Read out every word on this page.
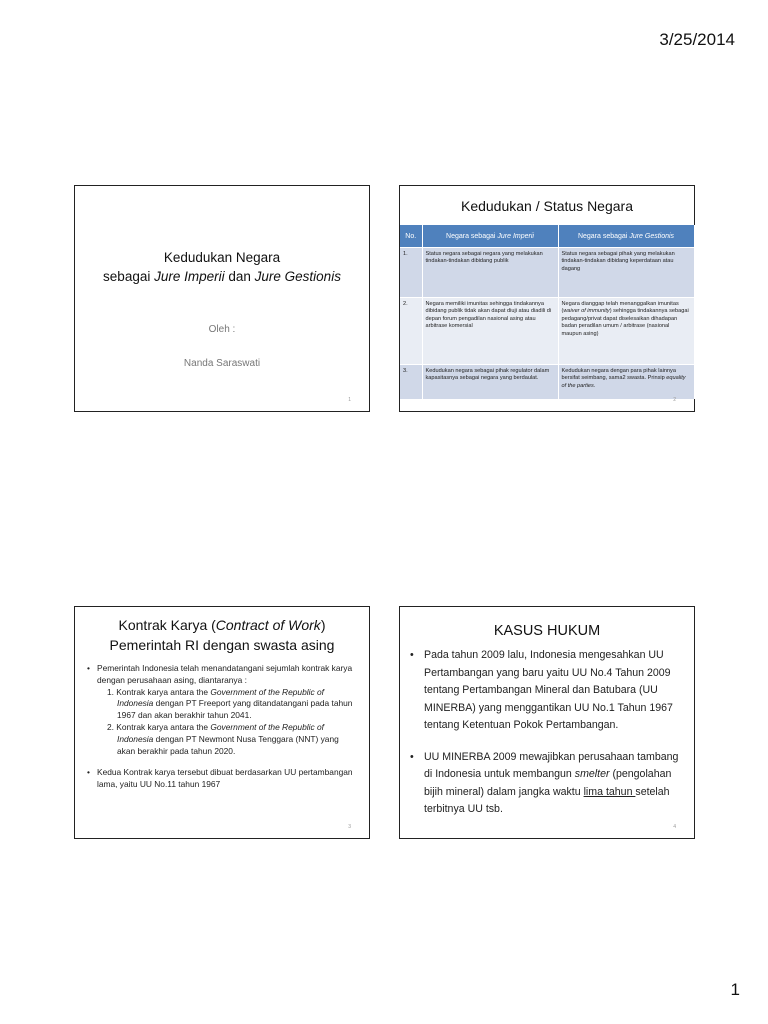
3/25/2014
Kedudukan Negara
sebagai Jure Imperii dan Jure Gestionis
Oleh :
Nanda Saraswati
1
Kedudukan / Status Negara
No.	Negara sebagai Jure Imperii	Negara sebagai Jure Gestionis
1.	Status negara sebagai negara yang melakukan tindakan-tindakan dibidang publik	Status negara sebagai pihak yang melakukan tindakan-tindakan dibidang keperdataan atau dagang
2.	Negara memiliki imunitas sehingga tindakannya dibidang publik tidak akan dapat diuji atau diadili di depan forum pengadilan nasional asing atau arbitrase komersial	Negara dianggap telah menanggalkan imunitas (waiver of immunity) sehingga tindakannya sebagai pedagang/privat dapat diselesaikan dihadapan badan peradilan umum / arbitrase (nasional maupun asing)
3.	Kedudukan negara sebagai pihak regulator dalam kapasitasnya sebagai negara yang berdaulat.	Kedudukan negara dengan para pihak lainnya bersifat seimbang, sama2 swasta. Prinsip equality of the parties.
2
Kontrak Karya (Contract of Work)
Pemerintah RI dengan swasta asing
• Pemerintah Indonesia telah menandatangani sejumlah kontrak karya dengan perusahaan asing, diantaranya :
1. Kontrak karya antara the Government of the Republic of Indonesia dengan PT Freeport yang ditandatangani pada tahun 1967 dan akan berakhir tahun 2041.
2. Kontrak karya antara the Government of the Republic of Indonesia dengan PT Newmont Nusa Tenggara (NNT) yang akan berakhir pada tahun 2020.
• Kedua Kontrak karya tersebut dibuat berdasarkan UU pertambangan lama, yaitu UU No.11 tahun 1967
3
KASUS HUKUM
• Pada tahun 2009 lalu, Indonesia mengesahkan UU Pertambangan yang baru yaitu UU No.4 Tahun 2009 tentang Pertambangan Mineral dan Batubara (UU MINERBA) yang menggantikan UU No.1 Tahun 1967 tentang Ketentuan Pokok Pertambangan.
• UU MINERBA 2009 mewajibkan perusahaan tambang di Indonesia untuk membangun smelter (pengolahan bijih mineral) dalam jangka waktu lima tahun setelah terbitnya UU tsb.
4
1
